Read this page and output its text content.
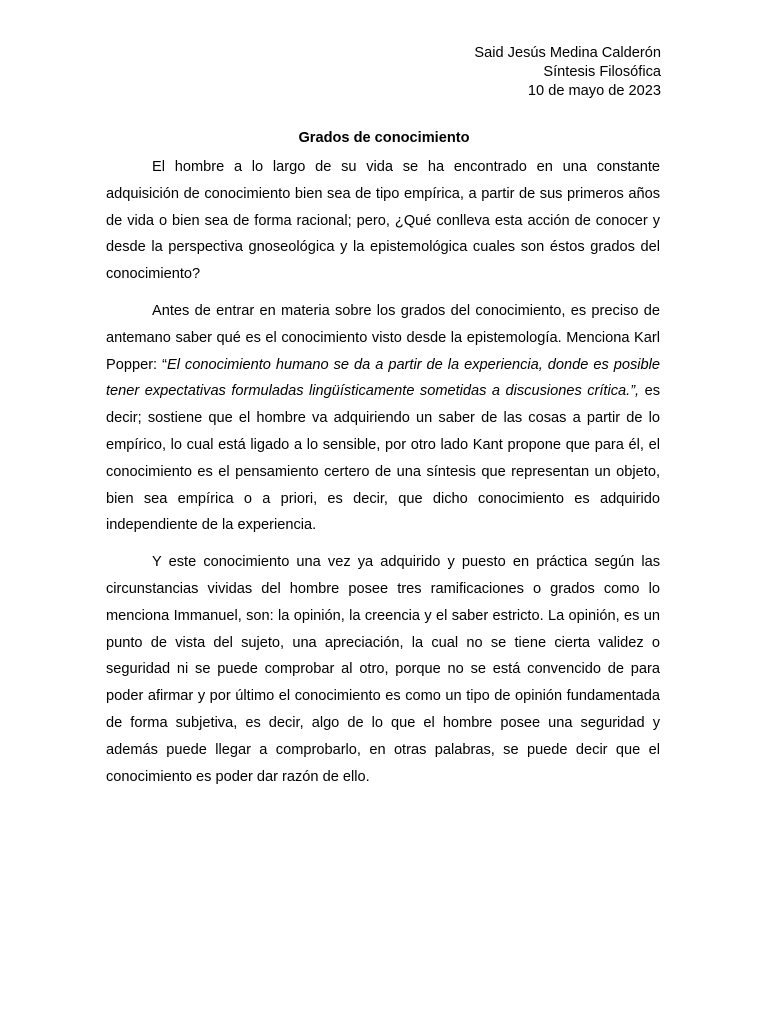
Said Jesús Medina Calderón
Síntesis Filosófica
10 de mayo de 2023
Grados de conocimiento

El hombre a lo largo de su vida se ha encontrado en una constante adquisición de conocimiento bien sea de tipo empírica, a partir de sus primeros años de vida o bien sea de forma racional; pero, ¿Qué conlleva esta acción de conocer y desde la perspectiva gnoseológica y la epistemológica cuales son éstos grados del conocimiento?

Antes de entrar en materia sobre los grados del conocimiento, es preciso de antemano saber qué es el conocimiento visto desde la epistemología. Menciona Karl Popper: “El conocimiento humano se da a partir de la experiencia, donde es posible tener expectativas formuladas lingüísticamente sometidas a discusiones crítica.”, es decir; sostiene que el hombre va adquiriendo un saber de las cosas a partir de lo empírico, lo cual está ligado a lo sensible, por otro lado Kant propone que para él, el conocimiento es el pensamiento certero de una síntesis que representan un objeto, bien sea empírica o a priori, es decir, que dicho conocimiento es adquirido independiente de la experiencia.

Y este conocimiento una vez ya adquirido y puesto en práctica según las circunstancias vividas del hombre posee tres ramificaciones o grados como lo menciona Immanuel, son: la opinión, la creencia y el saber estricto. La opinión, es un punto de vista del sujeto, una apreciación, la cual no se tiene cierta validez o seguridad ni se puede comprobar al otro, porque no se está convencido de para poder afirmar y por último el conocimiento es como un tipo de opinión fundamentada de forma subjetiva, es decir, algo de lo que el hombre posee una seguridad y además puede llegar a comprobarlo, en otras palabras, se puede decir que el conocimiento es poder dar razón de ello.
